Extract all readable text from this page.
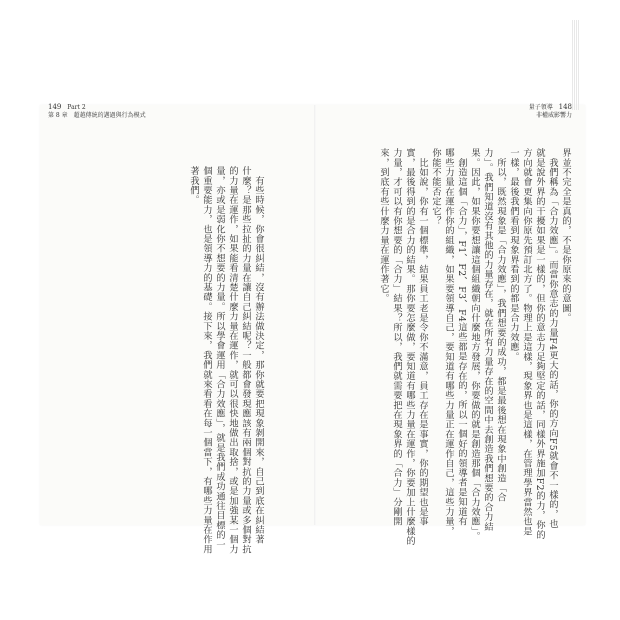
149 Part 2
第 8 章　超越傳統的邁過與行為模式
量子領導 148
非權威影響力
界並不完全是真的，不是你原來的意圖。
　我們稱為「合力效應」。而當你意志的力量F4更大的話，你的方向F5就會不一樣的，也
就是說外界的干擾如果是一樣的，但你的意志力足夠堅定的話，同樣外界施加F2的力，你的
方向就會更集向你原先預訂北方了。物理上是這樣，現象界也是這樣，在管理學界當然也是
一樣，最後我們看到現象界看到的都是合力效應。
　所以，既然現象是「合力效應」，我們想要的成功，都是最後想在現象中創造「合
力」。我們知道沒有其他的力量存在，就在所有力量存在的空間中去創造我們想要的合力結
果。因此，如果你要想讓這個組織朝向什麼地方發展，你要做的就是創造那個「合力效應」。
　創造這個「合力」，F1、F2、F3、F4這些都是存在的，所以一個好的領導者是知道有
哪些力量在運作你的組織，如果要領導自己，要知道有哪些力量正在運作自己，這些力量，
你能不能否定它？
　比如說，你有一個標準，結果員工老是令你不滿意，員工存在是事實，你的期望也是事
實，最後得到的是合力的結果。那你要怎麼做，要知道有哪些力量在運作，你要加上什麼樣的
力量，才可以有你想要的「合力」結果？所以，我們就需要把在現象界的「合力」分剛開
來，到底有些什麼力量在運作著它。
　有些時候，你會很糾結，沒有辦法做決定，那你就要把現象剝開來，自己到底在糾結著
什麼？是那些拉扯的力量在讓自己糾結呢？一般都會發現應該有兩個對抗的力量或多個對抗
的力量在運作，如果能看清楚什麼力量在運作，就可以很快地做出取捨，或是加強某一個力
量，亦或是弱化你不想要的力量。所以學會運用「合力效應」，就是我們成功通往目標的一
個重要能力，也是領導力的基礎。接下來，我們就來看看在每一個當下，有哪些力量在作用
著我們。
